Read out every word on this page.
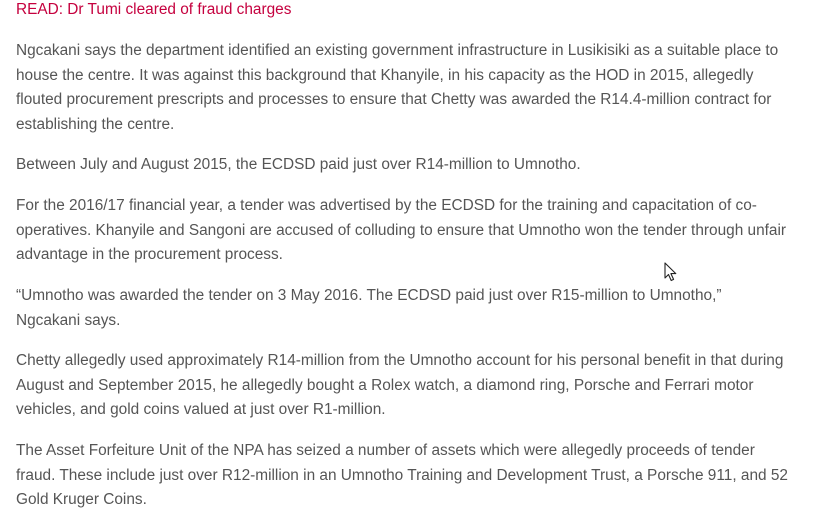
READ: Dr Tumi cleared of fraud charges

Ngcakani says the department identified an existing government infrastructure in Lusikisiki as a suitable place to house the centre. It was against this background that Khanyile, in his capacity as the HOD in 2015, allegedly flouted procurement prescripts and processes to ensure that Chetty was awarded the R14.4-million contract for establishing the centre.

Between July and August 2015, the ECDSD paid just over R14-million to Umnotho.

For the 2016/17 financial year, a tender was advertised by the ECDSD for the training and capacitation of co-operatives. Khanyile and Sangoni are accused of colluding to ensure that Umnotho won the tender through unfair advantage in the procurement process.

“Umnotho was awarded the tender on 3 May 2016. The ECDSD paid just over R15-million to Umnotho,” Ngcakani says.

Chetty allegedly used approximately R14-million from the Umnotho account for his personal benefit in that during August and September 2015, he allegedly bought a Rolex watch, a diamond ring, Porsche and Ferrari motor vehicles, and gold coins valued at just over R1-million.

The Asset Forfeiture Unit of the NPA has seized a number of assets which were allegedly proceeds of tender fraud. These include just over R12-million in an Umnotho Training and Development Trust, a Porsche 911, and 52 Gold Kruger Coins.
